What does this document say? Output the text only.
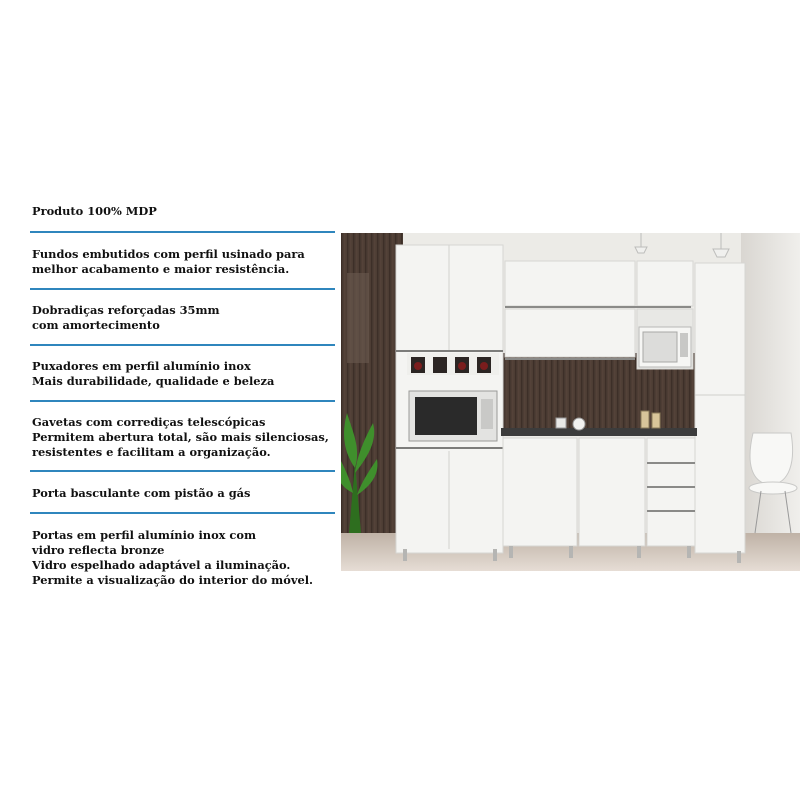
Produto 100% MDP
Fundos embutidos com perfil usinado para
melhor acabamento e maior resistência.
Dobradiças reforçadas 35mm
com amortecimento
Puxadores em perfil alumínio inox
Mais durabilidade, qualidade e beleza
Gavetas com corrediças telescópicas
Permitem abertura total, são mais silenciosas,
resistentes e facilitam a organização.
Porta basculante com pistão a gás
Portas em perfil alumínio inox com
vidro reflecta bronze
Vidro espelhado adaptável a iluminação.
Permite a visualização do interior do móvel.
